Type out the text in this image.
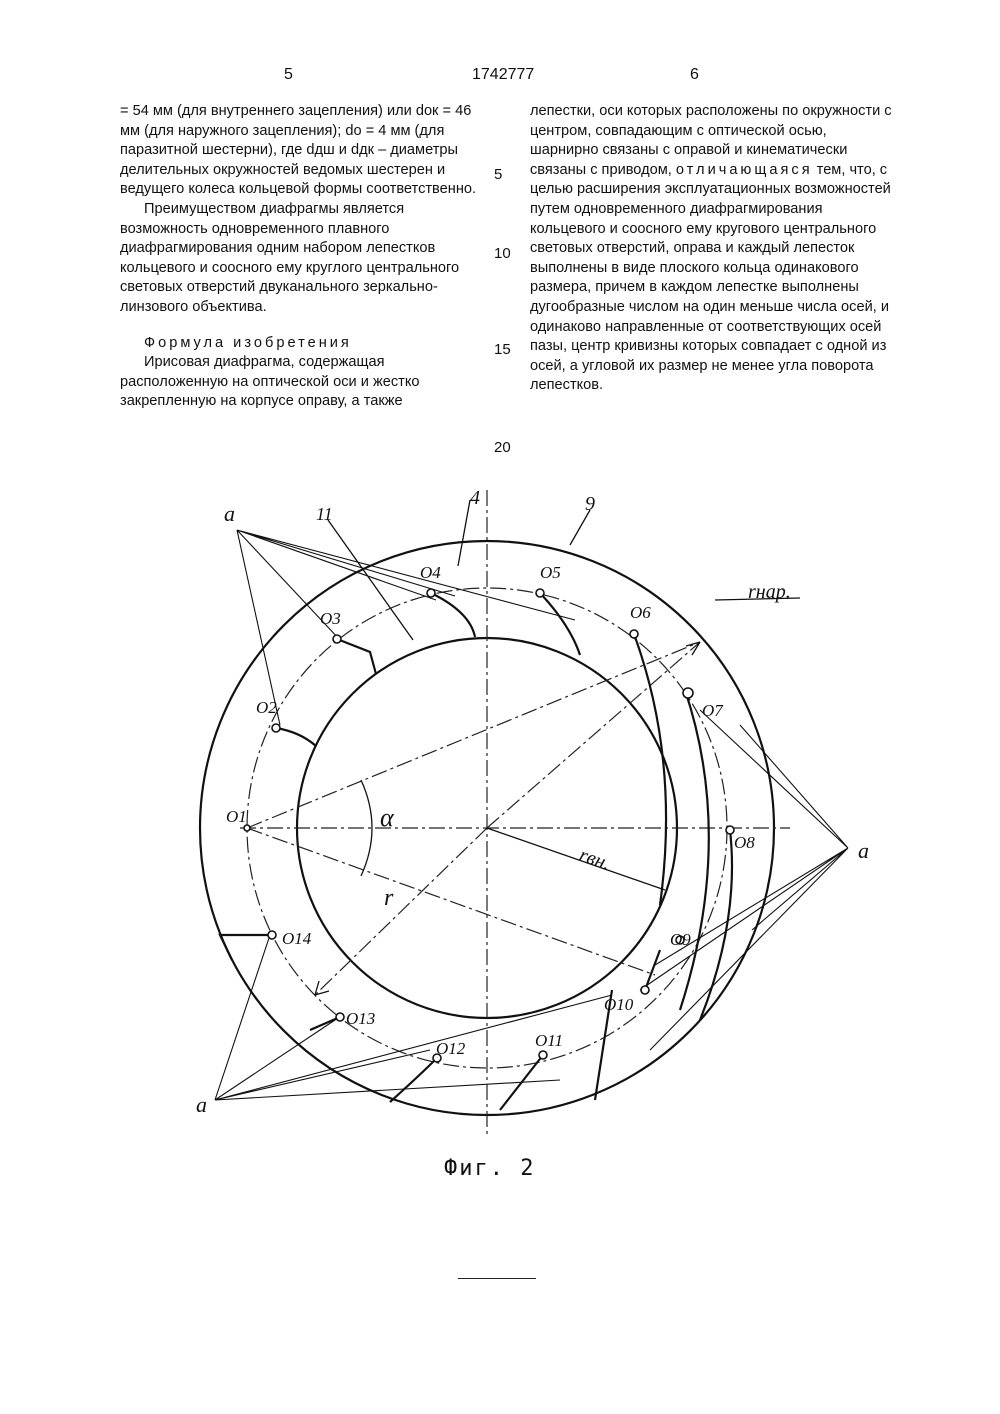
5	1742777	6

= 54 мм (для внутреннего зацепления) или dок = 46 мм (для наружного зацепления); dо = 4 мм (для паразитной шестерни), где dдш и dдк – диаметры делительных окружностей ведомых шестерен и ведущего колеса кольцевой формы соответственно.

Преимуществом диафрагмы является возможность одновременного плавного диафрагмирования одним набором лепестков кольцевого и соосного ему круглого центрального световых отверстий двуканального зеркально-линзового объектива.

Формула изобретения

Ирисовая диафрагма, содержащая расположенную на оптической оси и жестко закрепленную на корпусе оправу, а также

лепестки, оси которых расположены по окружности с центром, совпадающим с оптической осью, шарнирно связаны с оправой и кинематически связаны с приводом, отличающаяся тем, что, с целью расширения эксплуатационных возможностей путем одновременного диафрагмирования кольцевого и соосного ему кругового центрального световых отверстий, оправа и каждый лепесток выполнены в виде плоского кольца одинакового размера, причем в каждом лепестке выполнены дугообразные числом на один меньше числа осей, и одинаково направленные от соответствующих осей пазы, центр кривизны которых совпадает с одной из осей, а угловой их размер не менее угла поворота лепестков.

5
10
15
20
a
a
a
4	9
11
rнар.
rвн.
r
α
O1
O2
O3
O4	O5
O6
O7
O8
O9
O10
O11
O12
O13
O14
Фиг. 2
